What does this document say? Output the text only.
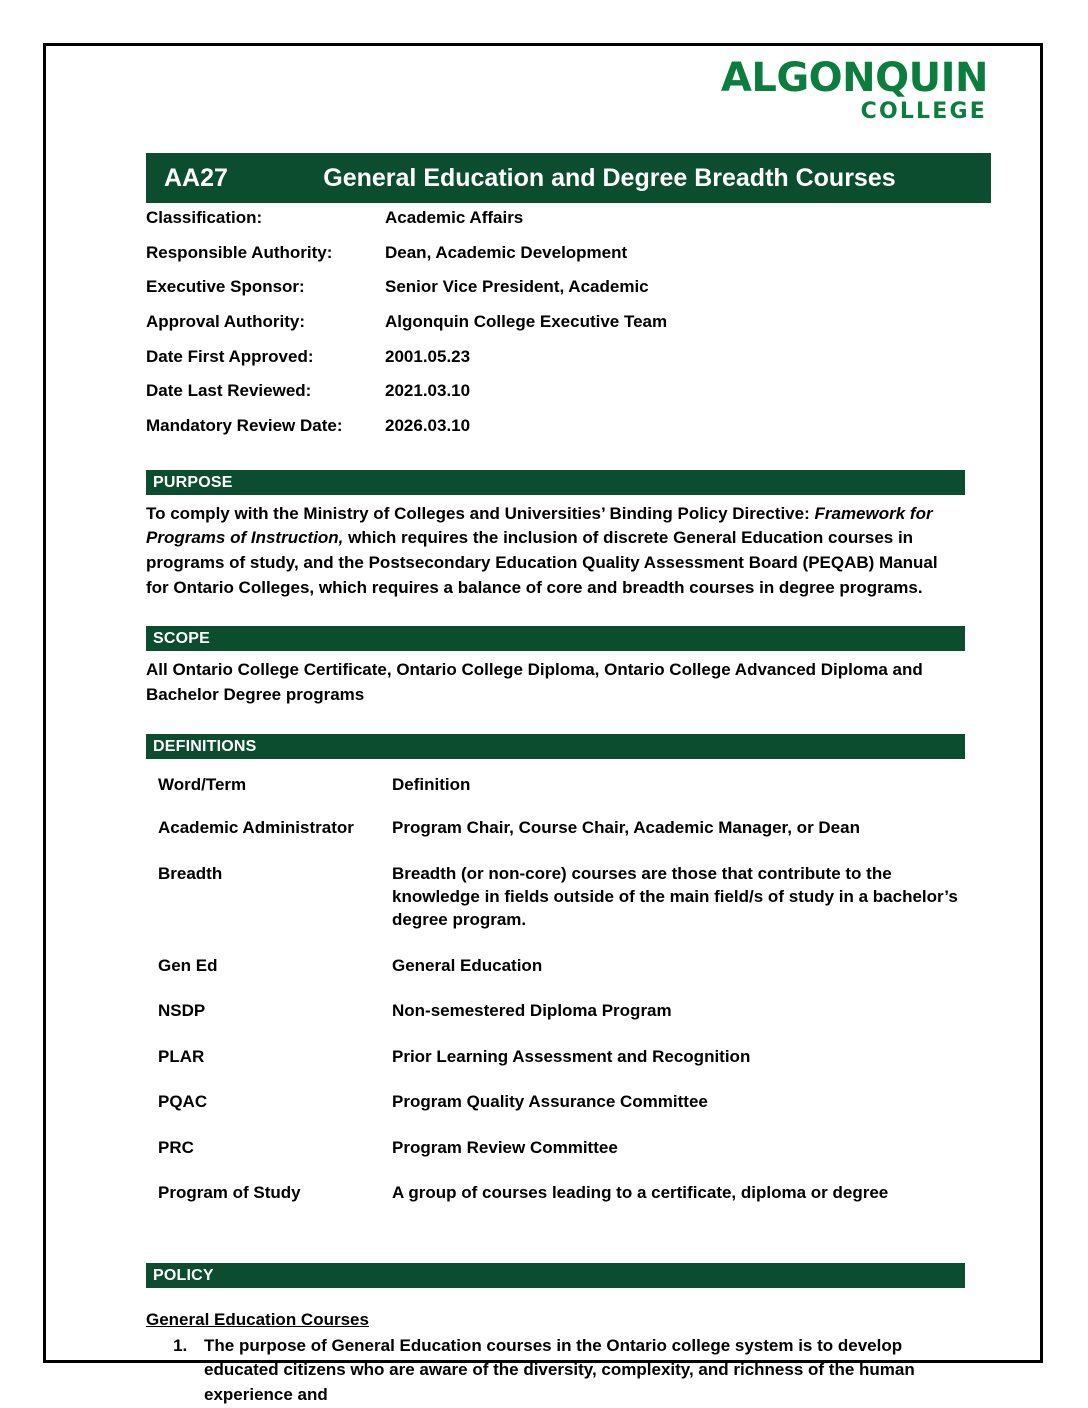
ALGONQUIN
COLLEGE
AA27	General Education and Degree Breadth Courses
Classification:	Academic Affairs
Responsible Authority:	Dean, Academic Development
Executive Sponsor:	Senior Vice President, Academic
Approval Authority:	Algonquin College Executive Team
Date First Approved:	2001.05.23
Date Last Reviewed:	2021.03.10
Mandatory Review Date:	2026.03.10
PURPOSE
To comply with the Ministry of Colleges and Universities’ Binding Policy Directive: Framework for Programs of Instruction, which requires the inclusion of discrete General Education courses in programs of study, and the Postsecondary Education Quality Assessment Board (PEQAB) Manual for Ontario Colleges, which requires a balance of core and breadth courses in degree programs.
SCOPE
All Ontario College Certificate, Ontario College Diploma, Ontario College Advanced Diploma and Bachelor Degree programs
DEFINITIONS
Word/Term	Definition
Academic Administrator	Program Chair, Course Chair, Academic Manager, or Dean
Breadth	Breadth (or non-core) courses are those that contribute to the knowledge in fields outside of the main field/s of study in a bachelor’s degree program.
Gen Ed	General Education
NSDP	Non-semestered Diploma Program
PLAR	Prior Learning Assessment and Recognition
PQAC	Program Quality Assurance Committee
PRC	Program Review Committee
Program of Study	A group of courses leading to a certificate, diploma or degree
POLICY
General Education Courses
1. The purpose of General Education courses in the Ontario college system is to develop educated citizens who are aware of the diversity, complexity, and richness of the human experience and
